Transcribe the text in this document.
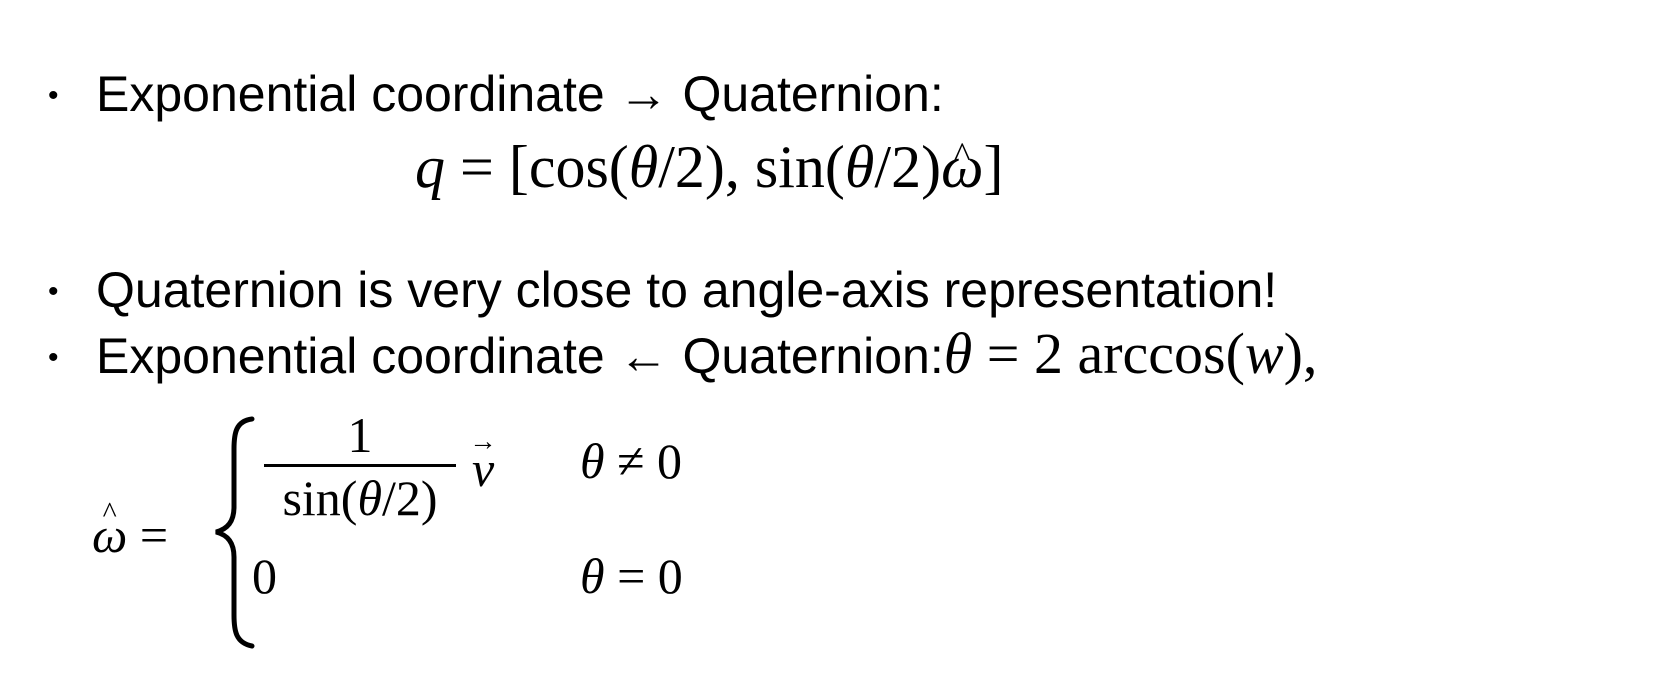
• Exponential coordinate → Quaternion:
q = [cos(θ/2), sin(θ/2)^ ω]
• Quaternion is very close to angle-axis representation!
• Exponential coordinate ← Quaternion:θ = 2 arccos(w),
^ ω =
1
sin(θ/2)
→ v θ ≠ 0
0	θ = 0
